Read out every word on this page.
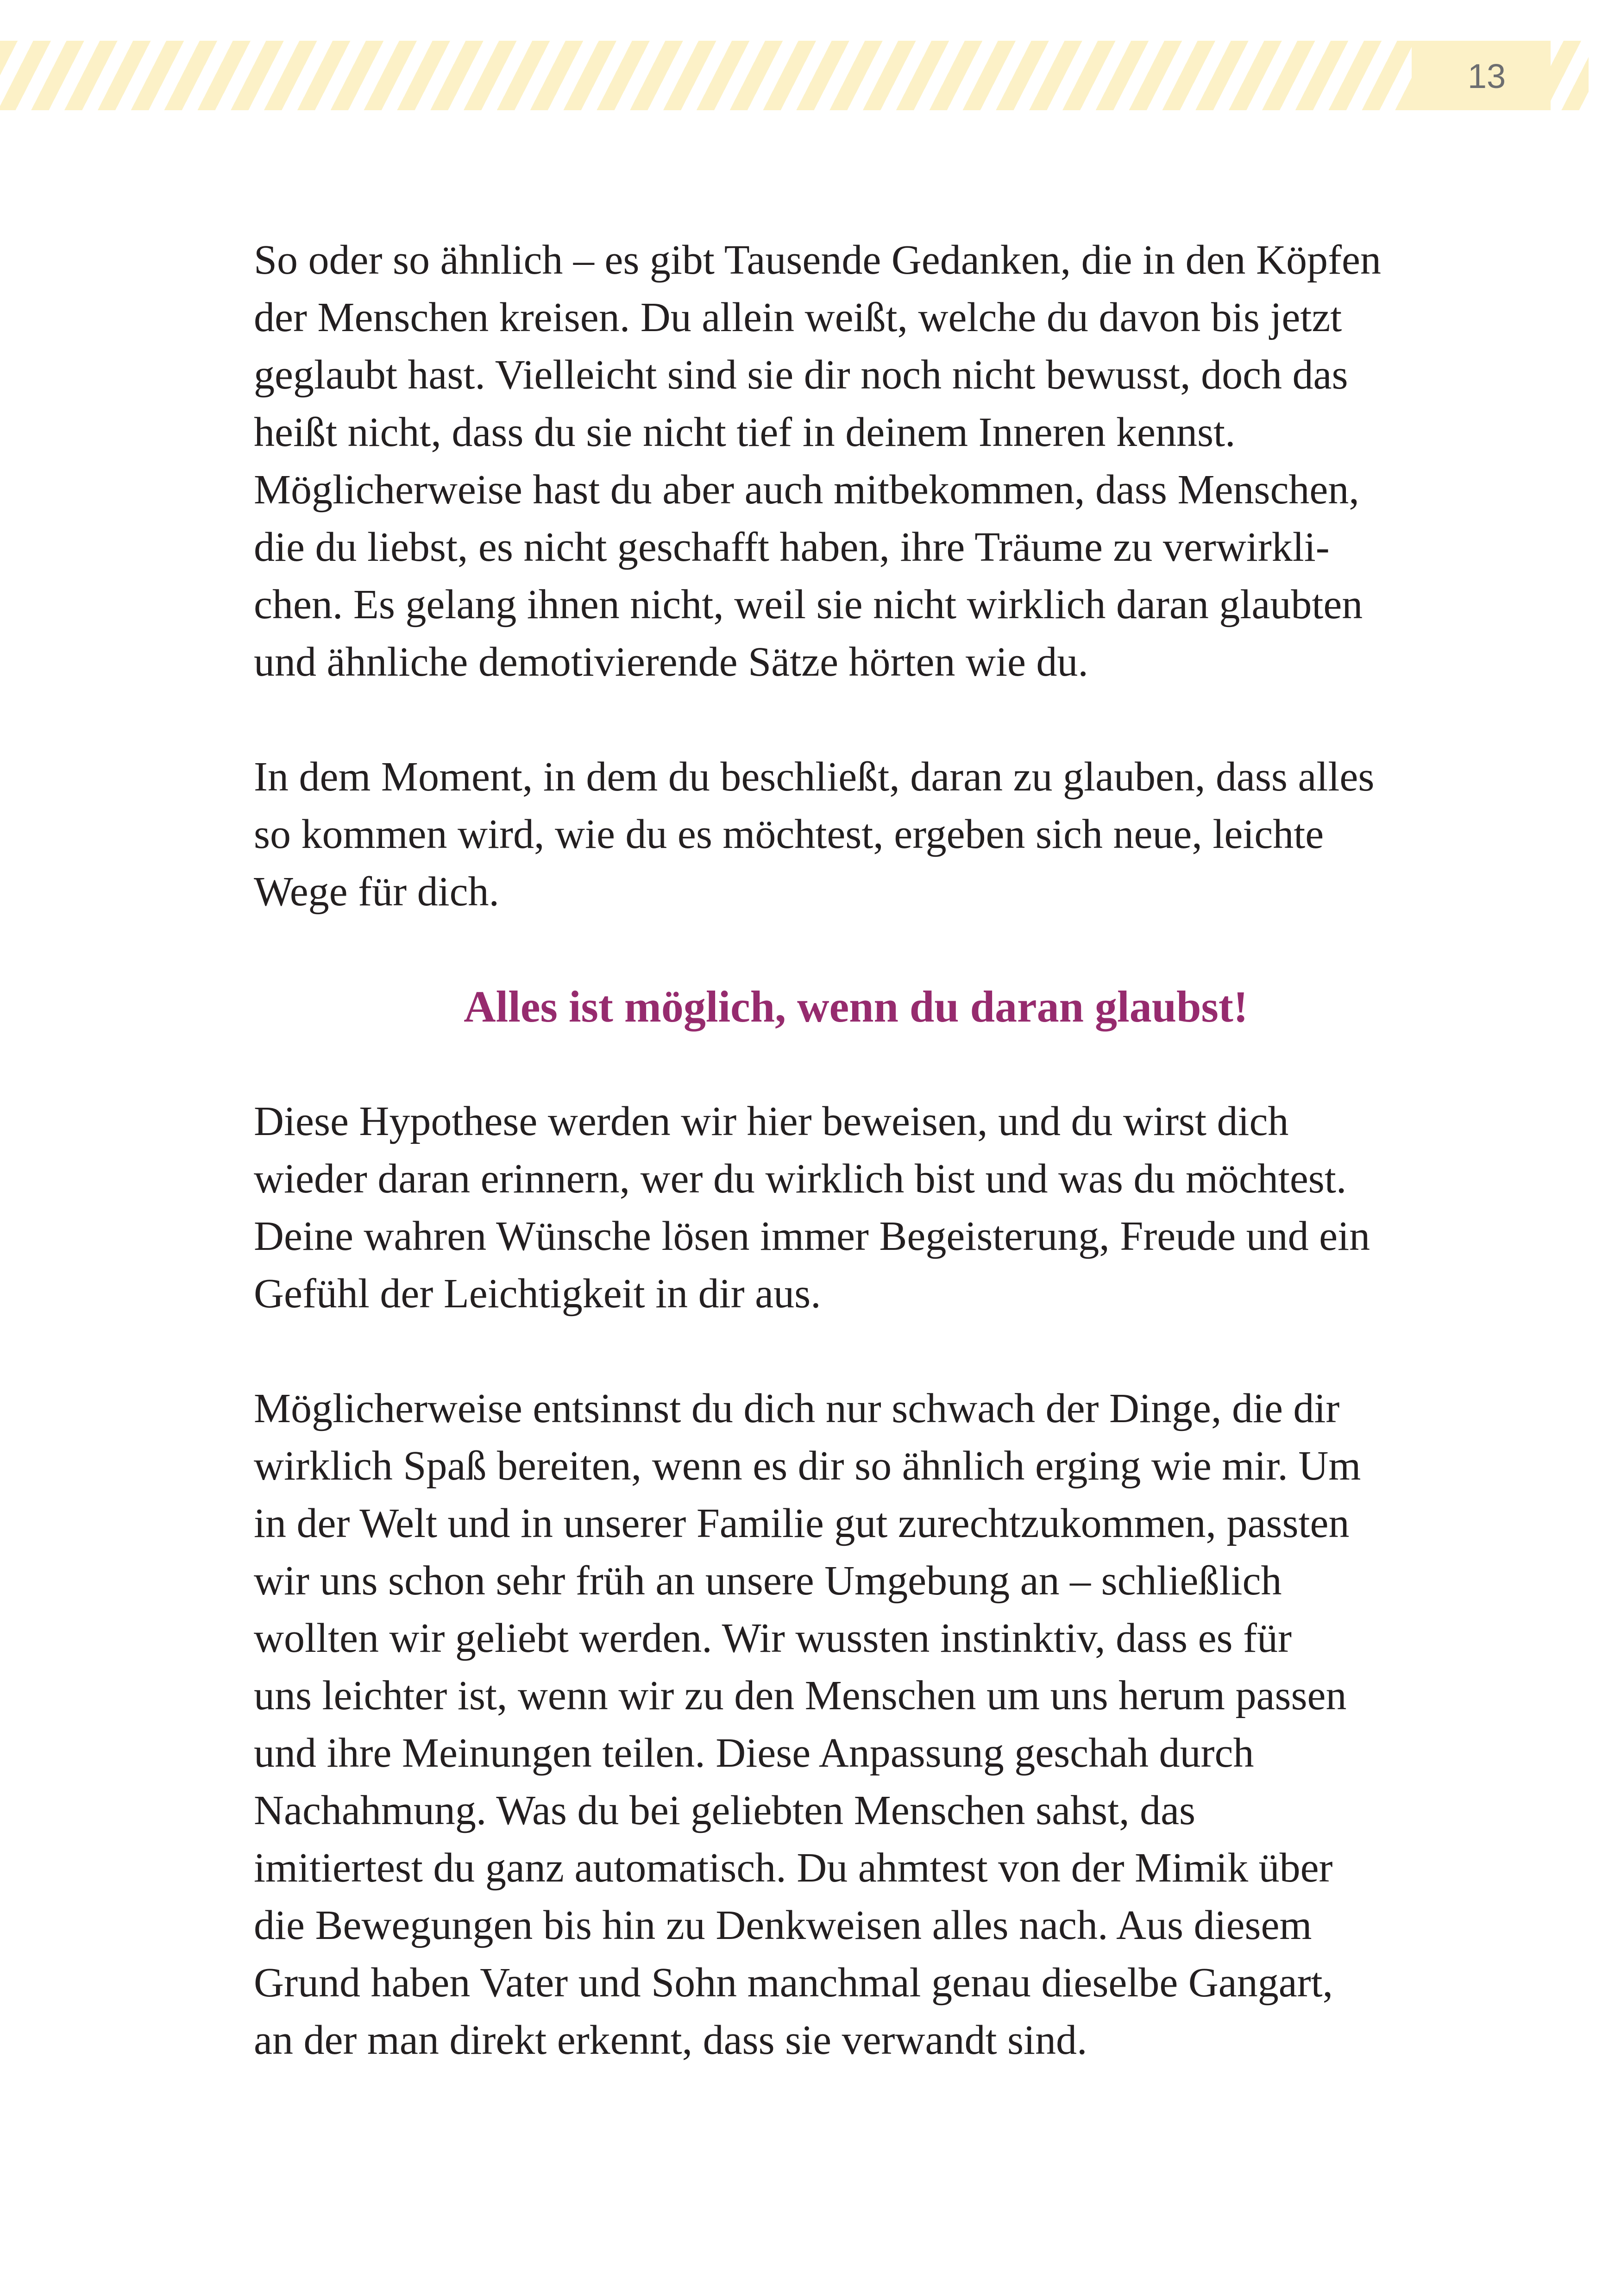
13
So oder so ähnlich – es gibt Tausende Gedanken, die in den Köpfen
der Menschen kreisen. Du allein weißt, welche du davon bis jetzt
geglaubt hast. Vielleicht sind sie dir noch nicht bewusst, doch das
heißt nicht, dass du sie nicht tief in deinem Inneren kennst.
Möglicherweise hast du aber auch mitbekommen, dass Menschen,
die du liebst, es nicht geschafft haben, ihre Träume zu verwirkli-
chen. Es gelang ihnen nicht, weil sie nicht wirklich daran glaubten
und ähnliche demotivierende Sätze hörten wie du.
In dem Moment, in dem du beschließt, daran zu glauben, dass alles
so kommen wird, wie du es möchtest, ergeben sich neue, leichte
Wege für dich.
Alles ist möglich, wenn du daran glaubst!
Diese Hypothese werden wir hier beweisen, und du wirst dich
wieder daran erinnern, wer du wirklich bist und was du möchtest.
Deine wahren Wünsche lösen immer Begeisterung, Freude und ein
Gefühl der Leichtigkeit in dir aus.
Möglicherweise entsinnst du dich nur schwach der Dinge, die dir
wirklich Spaß bereiten, wenn es dir so ähnlich erging wie mir. Um
in der Welt und in unserer Familie gut zurechtzukommen, passten
wir uns schon sehr früh an unsere Umgebung an – schließlich
wollten wir geliebt werden. Wir wussten instinktiv, dass es für
uns leichter ist, wenn wir zu den Menschen um uns herum passen
und ihre Meinungen teilen. Diese Anpassung geschah durch
Nachahmung. Was du bei geliebten Menschen sahst, das
imitiertest du ganz automatisch. Du ahmtest von der Mimik über
die Bewegungen bis hin zu Denkweisen alles nach. Aus diesem
Grund haben Vater und Sohn manchmal genau dieselbe Gangart,
an der man direkt erkennt, dass sie verwandt sind.
